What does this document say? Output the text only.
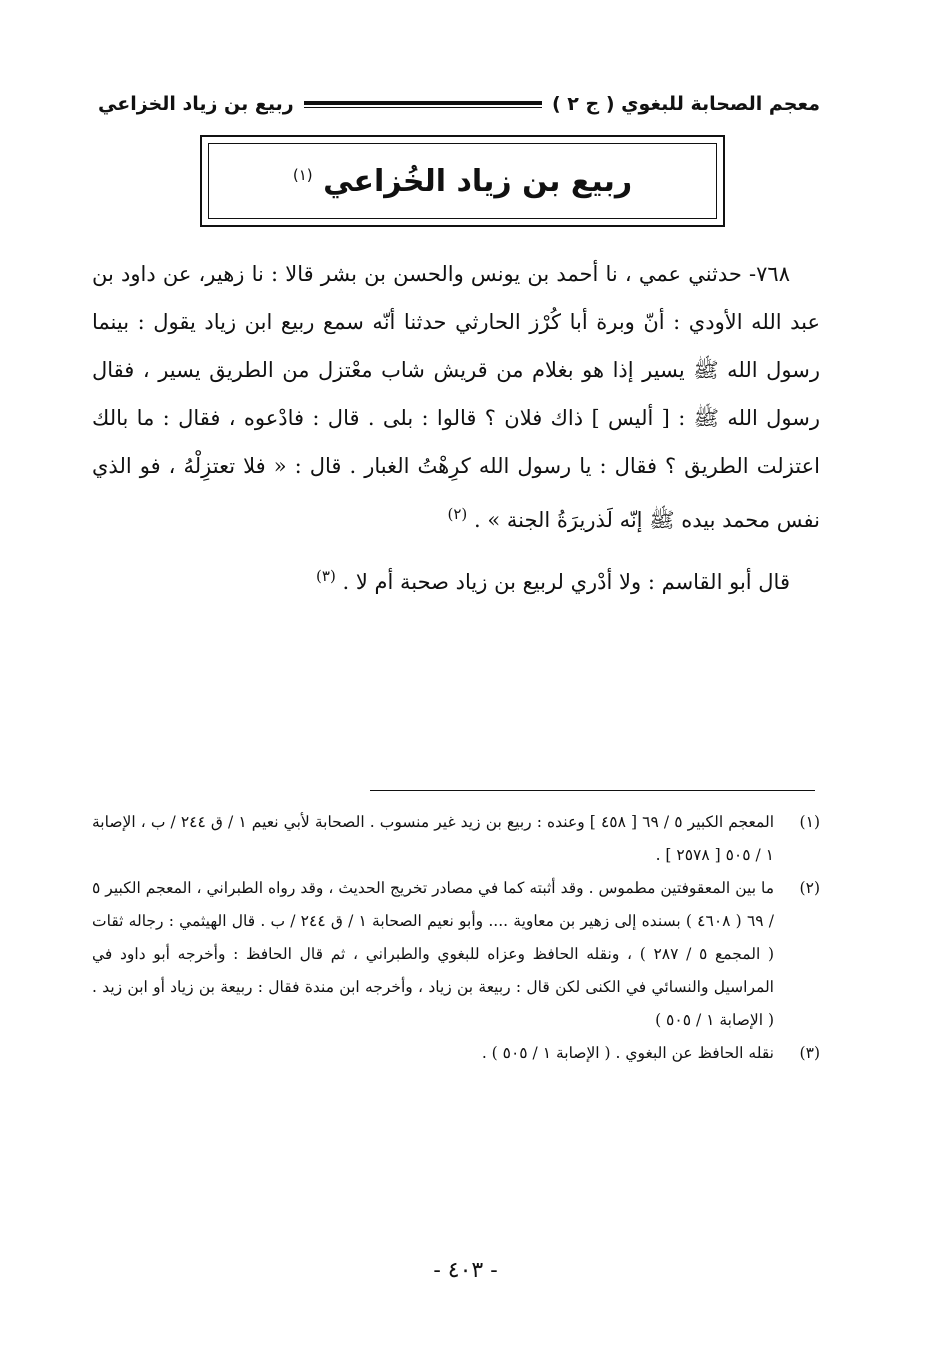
معجم الصحابة للبغوي ( ج ٢ )
ربيع بن زياد الخزاعي
ربيع بن زياد الخُزاعي $^{(١)}$

٧٦٨- حدثني عمي ، نا أحمد بن يونس والحسن بن بشر قالا : نا زهير، عن داود بن عبد الله الأودي : أنّ وبرة أبا كُرْز الحارثي حدثنا أنّه سمع ربيع ابن زياد يقول : بينما رسول الله ﷺ يسير إذا هو بغلام من قريش شاب معْتزل من الطريق يسير ، فقال رسول الله ﷺ : [ أليس ] ذاك فلان ؟ قالوا : بلى . قال : فادْعوه ، فقال : ما بالك اعتزلت الطريق ؟ فقال : يا رسول الله كرِهْتُ الغبار . قال : « فلا تعتزِلْهُ ، فو الذي نفس محمد بيده ﷺ إنّه لَذريرَةُ الجنة » . $^{(٢)}$

قال أبو القاسم : ولا أدْري لربيع بن زياد صحبة أم لا . $^{(٣)}$

(١)
المعجم الكبير ٥ / ٦٩ [ ٤٥٨ ] وعنده : ربيع بن زيد غير منسوب . الصحابة لأبي نعيم ١ / ق ٢٤٤ / ب ، الإصابة ١ / ٥٠٥ [ ٢٥٧٨ ] .
(٢)
ما بين المعقوفتين مطموس . وقد أثبته كما في مصادر تخريج الحديث ، وقد رواه الطبراني ، المعجم الكبير ٥ / ٦٩ ( ٤٦٠٨ ) بسنده إلى زهير بن معاوية .... وأبو نعيم الصحابة ١ / ق ٢٤٤ / ب . قال الهيثمي : رجاله ثقات ( المجمع ٥ / ٢٨٧ ) ، ونقله الحافظ وعزاه للبغوي والطبراني ، ثم قال الحافظ : وأخرجه أبو داود في المراسيل والنسائي في الكنى لكن قال : ربيعة بن زياد ، وأخرجه ابن مندة فقال : ربيعة بن زياد أو ابن زيد . ( الإصابة ١ / ٥٠٥ )
(٣)
نقله الحافظ عن البغوي . ( الإصابة ١ / ٥٠٥ ) .
- ٤٠٣ -
